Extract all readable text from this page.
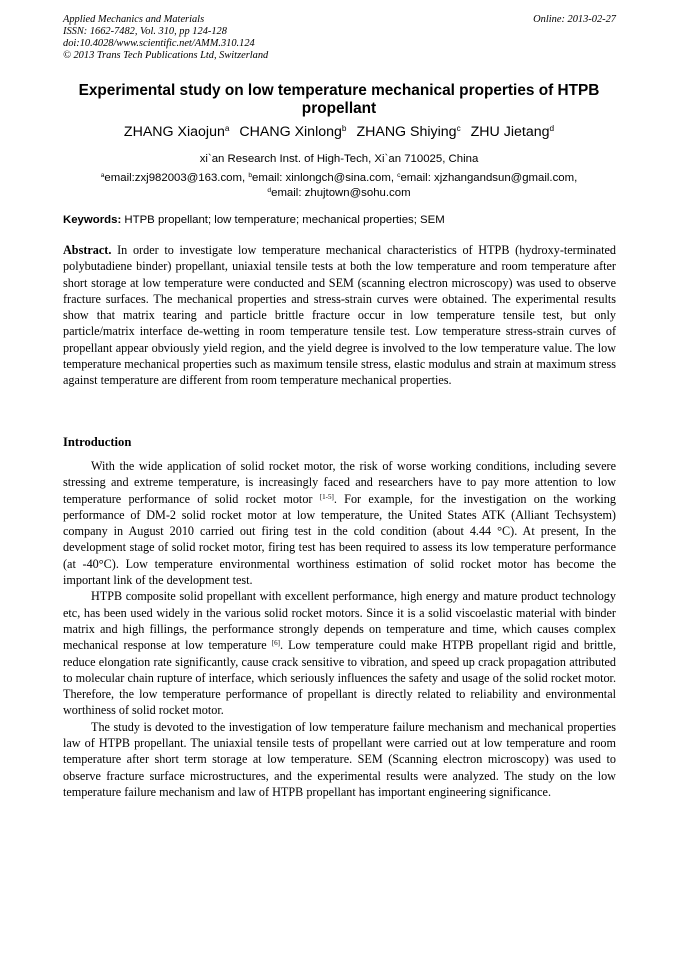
Applied Mechanics and Materials
ISSN: 1662-7482, Vol. 310, pp 124-128
doi:10.4028/www.scientific.net/AMM.310.124
© 2013 Trans Tech Publications Ltd, Switzerland
Online: 2013-02-27
Experimental study on low temperature mechanical properties of HTPB propellant
ZHANG Xiaojun$^a$ CHANG Xinlong$^b$ ZHANG Shiying$^c$ ZHU Jietang$^d$
xi`an Research Inst. of High-Tech, Xi`an 710025, China
$^a$email:zxj982003@163.com, $^b$email: xinlongch@sina.com, $^c$email: xjzhangandsun@gmail.com,
$^d$email: zhujtown@sohu.com
Keywords: HTPB propellant; low temperature; mechanical properties; SEM
Abstract. In order to investigate low temperature mechanical characteristics of HTPB (hydroxy-terminated polybutadiene binder) propellant, uniaxial tensile tests at both the low temperature and room temperature after short storage at low temperature were conducted and SEM (scanning electron microscopy) was used to observe fracture surfaces. The mechanical properties and stress-strain curves were obtained. The experimental results show that matrix tearing and particle brittle fracture occur in low temperature tensile test, but only particle/matrix interface de-wetting in room temperature tensile test. Low temperature stress-strain curves of propellant appear obviously yield region, and the yield degree is involved to the low temperature value. The low temperature mechanical properties such as maximum tensile stress, elastic modulus and strain at maximum stress against temperature are different from room temperature mechanical properties.
Introduction

With the wide application of solid rocket motor, the risk of worse working conditions, including severe stressing and extreme temperature, is increasingly faced and researchers have to pay more attention to low temperature performance of solid rocket motor [1-5]. For example, for the investigation on the working performance of DM-2 solid rocket motor at low temperature, the United States ATK (Alliant Techsystem) company in August 2010 carried out firing test in the cold condition (about 4.44 °C). At present, In the development stage of solid rocket motor, firing test has been required to assess its low temperature performance (at -40°C). Low temperature environmental worthiness estimation of solid rocket motor has become the important link of the development test.

HTPB composite solid propellant with excellent performance, high energy and mature product technology etc, has been used widely in the various solid rocket motors. Since it is a solid viscoelastic material with binder matrix and high fillings, the performance strongly depends on temperature and time, which causes complex mechanical response at low temperature [6]. Low temperature could make HTPB propellant rigid and brittle, reduce elongation rate significantly, cause crack sensitive to vibration, and speed up crack propagation attributed to molecular chain rupture of interface, which seriously influences the safety and usage of the solid rocket motor. Therefore, the low temperature performance of propellant is directly related to reliability and environmental worthiness of solid rocket motor.

The study is devoted to the investigation of low temperature failure mechanism and mechanical properties law of HTPB propellant. The uniaxial tensile tests of propellant were carried out at low temperature and room temperature after short term storage at low temperature. SEM (Scanning electron microscopy) was used to observe fracture surface microstructures, and the experimental results were analyzed. The study on the low temperature failure mechanism and law of HTPB propellant has important engineering significance.
